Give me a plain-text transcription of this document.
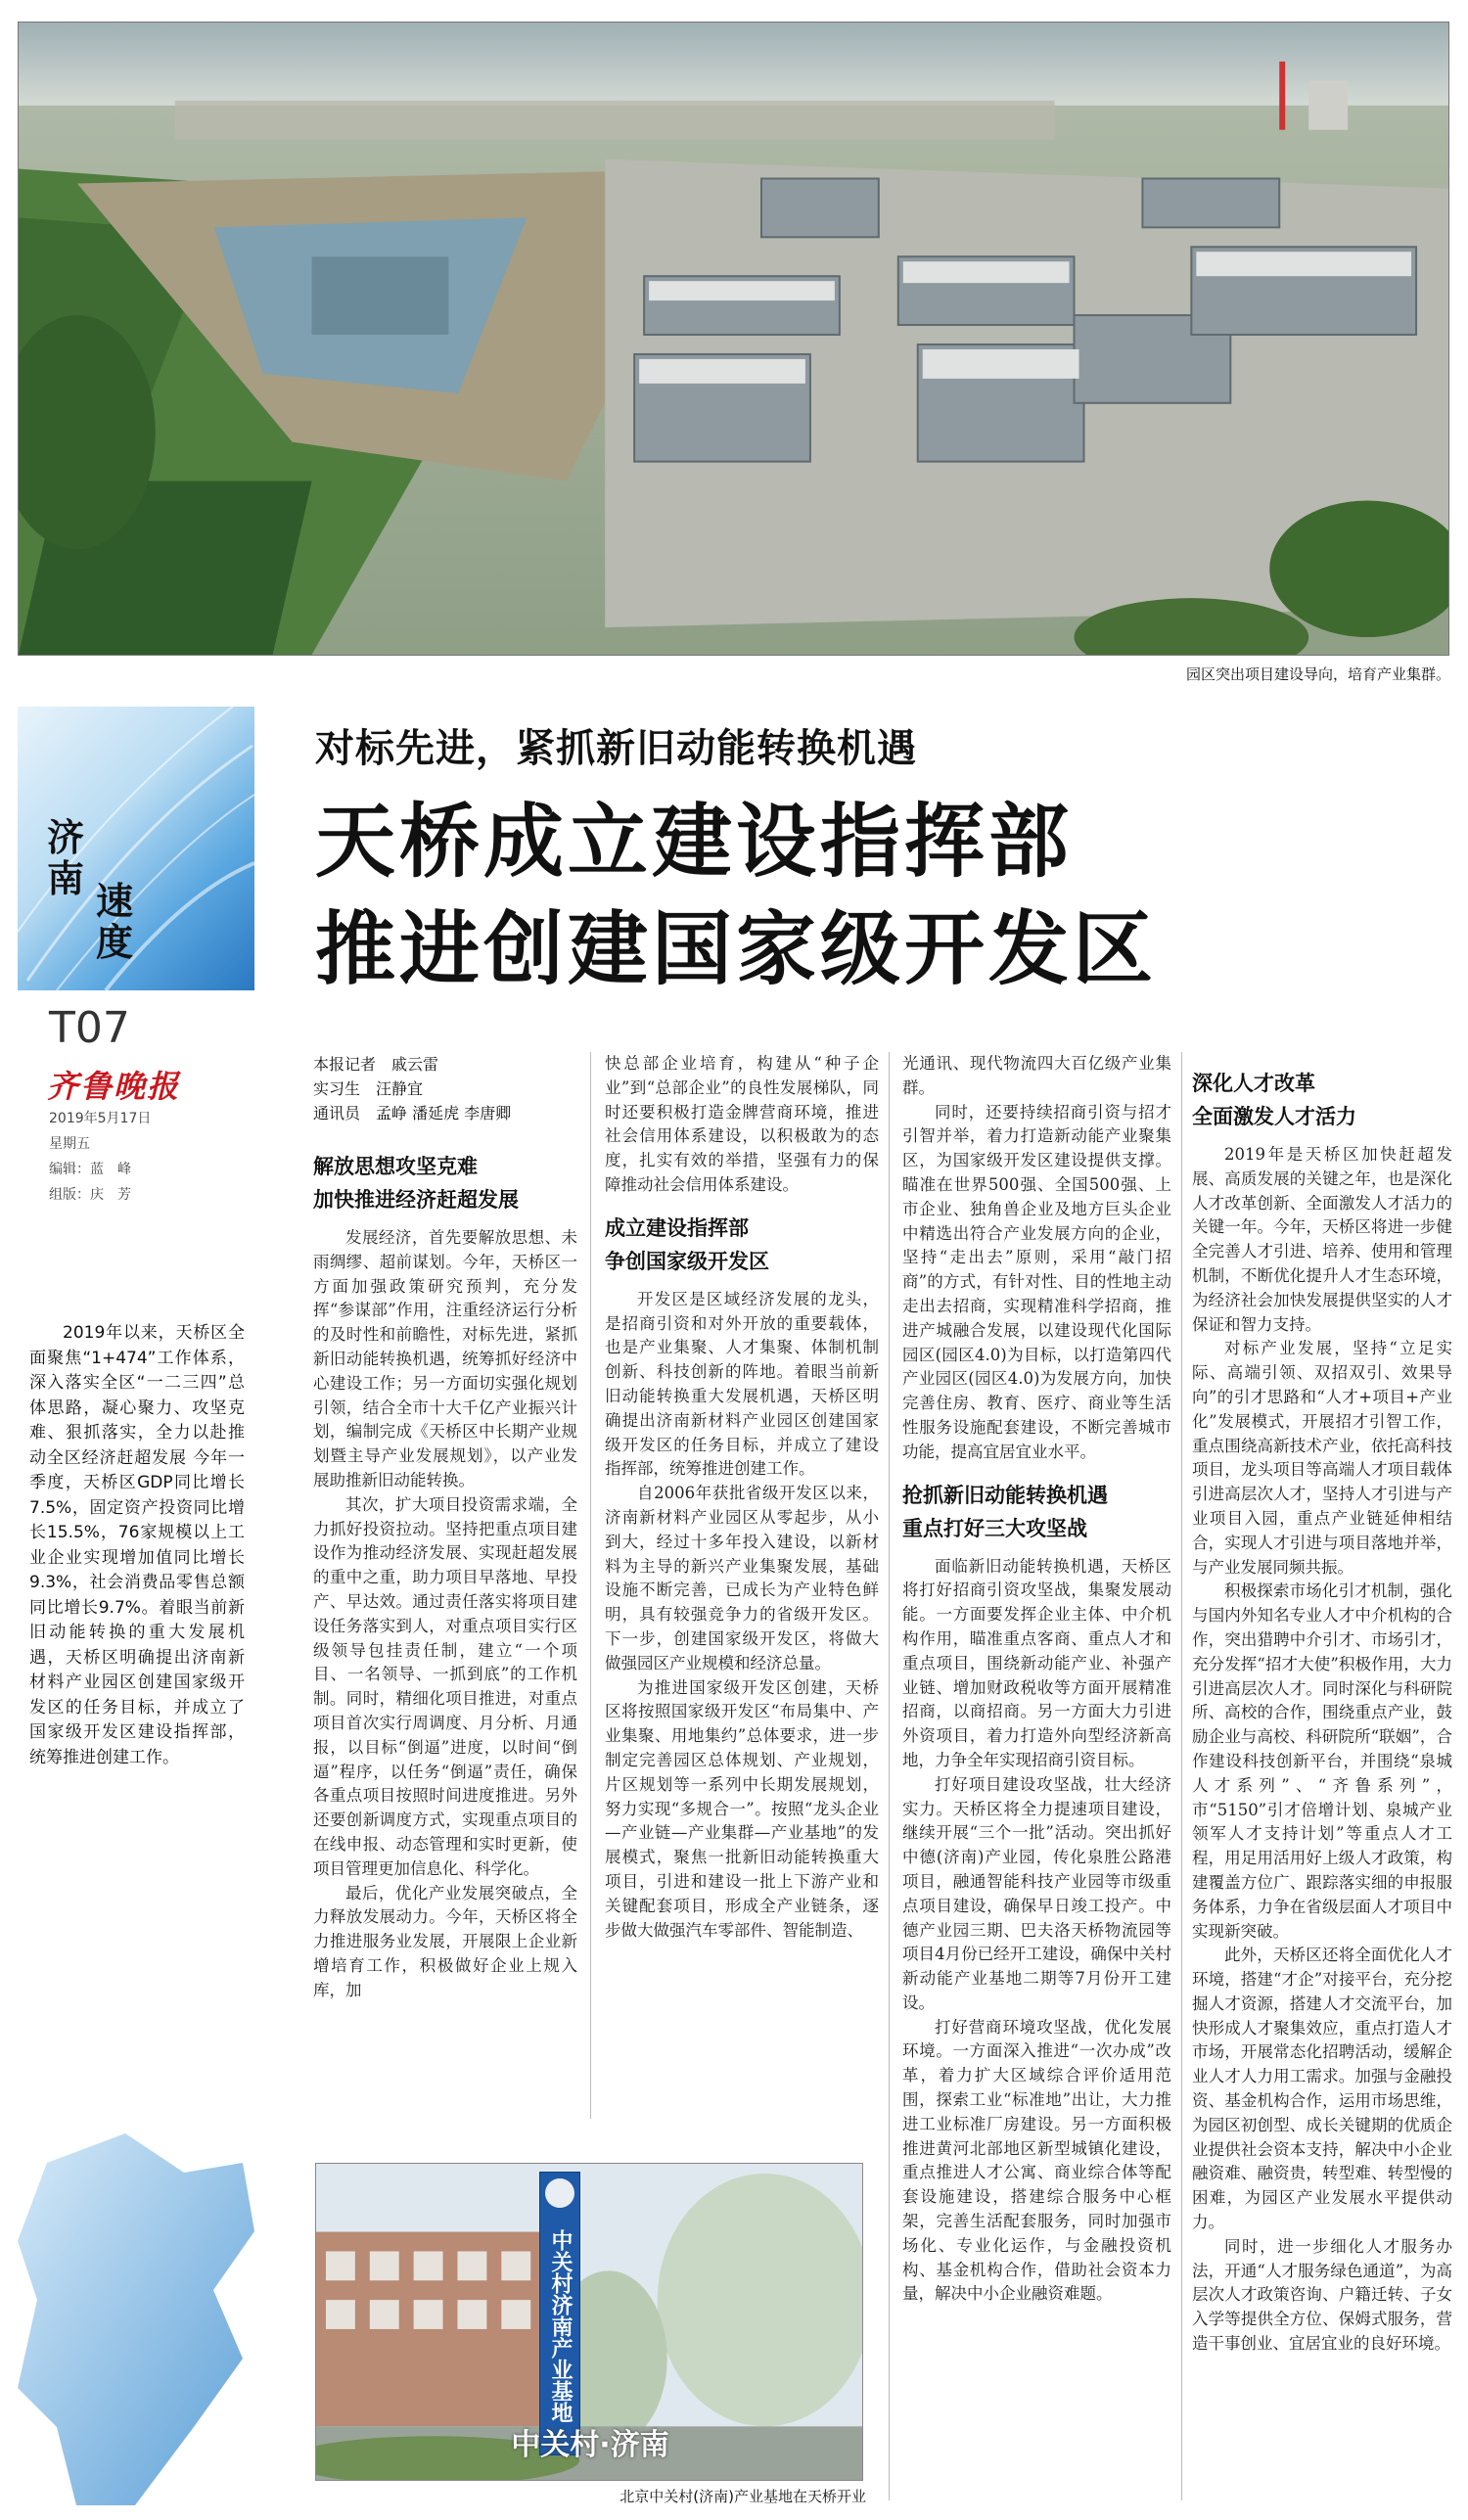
园区突出项目建设导向，培育产业集群。
济
南
速
度
T07
齐鲁晚报
2019年5月17日
星期五
编辑：蓝　峰
组版：庆　芳
2019年以来，天桥区全面聚焦“1+474”工作体系，深入落实全区“一二三四”总体思路，凝心聚力、攻坚克难、狠抓落实，全力以赴推动全区经济赶超发展 今年一季度，天桥区GDP同比增长7.5%，固定资产投资同比增长15.5%，76家规模以上工业企业实现增加值同比增长9.3%，社会消费品零售总额同比增长9.7%。着眼当前新旧动能转换的重大发展机遇，天桥区明确提出济南新材料产业园区创建国家级开发区的任务目标，并成立了国家级开发区建设指挥部，统筹推进创建工作。
对标先进，紧抓新旧动能转换机遇
天桥成立建设指挥部
推进创建国家级开发区
本报记者　戚云雷
实习生　汪静宜
通讯员　孟峥 潘延虎 李唐卿
解放思想攻坚克难
加快推进经济赶超发展

发展经济，首先要解放思想、未雨绸缪、超前谋划。今年，天桥区一方面加强政策研究预判，充分发挥“参谋部”作用，注重经济运行分析的及时性和前瞻性，对标先进，紧抓新旧动能转换机遇，统筹抓好经济中心建设工作；另一方面切实强化规划引领，结合全市十大千亿产业振兴计划，编制完成《天桥区中长期产业规划暨主导产业发展规划》，以产业发展助推新旧动能转换。

其次，扩大项目投资需求端，全力抓好投资拉动。坚持把重点项目建设作为推动经济发展、实现赶超发展的重中之重，助力项目早落地、早投产、早达效。通过责任落实将项目建设任务落实到人，对重点项目实行区级领导包挂责任制，建立“一个项目、一名领导、一抓到底”的工作机制。同时，精细化项目推进，对重点项目首次实行周调度、月分析、月通报，以目标“倒逼”进度，以时间“倒逼”程序，以任务“倒逼”责任，确保各重点项目按照时间进度推进。另外还要创新调度方式，实现重点项目的在线申报、动态管理和实时更新，使项目管理更加信息化、科学化。

最后，优化产业发展突破点，全力释放发展动力。今年，天桥区将全力推进服务业发展，开展限上企业新增培育工作，积极做好企业上规入库，加

快总部企业培育，构建从“种子企业”到“总部企业”的良性发展梯队，同时还要积极打造金牌营商环境，推进社会信用体系建设，以积极敢为的态度，扎实有效的举措，坚强有力的保障推动社会信用体系建设。

成立建设指挥部
争创国家级开发区

开发区是区域经济发展的龙头，是招商引资和对外开放的重要载体，也是产业集聚、人才集聚、体制机制创新、科技创新的阵地。着眼当前新旧动能转换重大发展机遇，天桥区明确提出济南新材料产业园区创建国家级开发区的任务目标，并成立了建设指挥部，统筹推进创建工作。

自2006年获批省级开发区以来，济南新材料产业园区从零起步，从小到大，经过十多年投入建设，以新材料为主导的新兴产业集聚发展，基础设施不断完善，已成长为产业特色鲜明，具有较强竞争力的省级开发区。下一步，创建国家级开发区，将做大做强园区产业规模和经济总量。

为推进国家级开发区创建，天桥区将按照国家级开发区“布局集中、产业集聚、用地集约”总体要求，进一步制定完善园区总体规划、产业规划，片区规划等一系列中长期发展规划，努力实现“多规合一”。按照“龙头企业—产业链—产业集群—产业基地”的发展模式，聚焦一批新旧动能转换重大项目，引进和建设一批上下游产业和关键配套项目，形成全产业链条，逐步做大做强汽车零部件、智能制造、

光通讯、现代物流四大百亿级产业集群。

同时，还要持续招商引资与招才引智并举，着力打造新动能产业聚集区，为国家级开发区建设提供支撑。瞄准在世界500强、全国500强、上市企业、独角兽企业及地方巨头企业中精选出符合产业发展方向的企业，坚持“走出去”原则，采用“敲门招商”的方式，有针对性、目的性地主动走出去招商，实现精准科学招商，推进产城融合发展，以建设现代化国际园区(园区4.0)为目标，以打造第四代产业园区(园区4.0)为发展方向，加快完善住房、教育、医疗、商业等生活性服务设施配套建设，不断完善城市功能，提高宜居宜业水平。

抢抓新旧动能转换机遇
重点打好三大攻坚战

面临新旧动能转换机遇，天桥区将打好招商引资攻坚战，集聚发展动能。一方面要发挥企业主体、中介机构作用，瞄准重点客商、重点人才和重点项目，围绕新动能产业、补强产业链、增加财政税收等方面开展精准招商，以商招商。另一方面大力引进外资项目，着力打造外向型经济新高地，力争全年实现招商引资目标。

打好项目建设攻坚战，壮大经济实力。天桥区将全力提速项目建设，继续开展“三个一批”活动。突出抓好中德(济南)产业园，传化泉胜公路港项目，融通智能科技产业园等市级重点项目建设，确保早日竣工投产。中德产业园三期、巴夫洛天桥物流园等项目4月份已经开工建设，确保中关村新动能产业基地二期等7月份开工建设。

打好营商环境攻坚战，优化发展环境。一方面深入推进“一次办成”改革，着力扩大区域综合评价适用范围，探索工业“标准地”出让，大力推进工业标准厂房建设。另一方面积极推进黄河北部地区新型城镇化建设，重点推进人才公寓、商业综合体等配套设施建设，搭建综合服务中心框架，完善生活配套服务，同时加强市场化、专业化运作，与金融投资机构、基金机构合作，借助社会资本力量，解决中小企业融资难题。

深化人才改革
全面激发人才活力

2019年是天桥区加快赶超发展、高质发展的关键之年，也是深化人才改革创新、全面激发人才活力的关键一年。今年，天桥区将进一步健全完善人才引进、培养、使用和管理机制，不断优化提升人才生态环境，为经济社会加快发展提供坚实的人才保证和智力支持。

对标产业发展，坚持“立足实际、高端引领、双招双引、效果导向”的引才思路和“人才+项目+产业化”发展模式，开展招才引智工作，重点围绕高新技术产业，依托高科技项目，龙头项目等高端人才项目载体引进高层次人才，坚持人才引进与产业项目入园，重点产业链延伸相结合，实现人才引进与项目落地并举，与产业发展同频共振。

积极探索市场化引才机制，强化与国内外知名专业人才中介机构的合作，突出猎聘中介引才、市场引才，充分发挥“招才大使”积极作用，大力引进高层次人才。同时深化与科研院所、高校的合作，围绕重点产业，鼓励企业与高校、科研院所“联姻”，合作建设科技创新平台，并围绕“泉城人才系列”、“齐鲁系列”，市“5150”引才倍增计划、泉城产业领军人才支持计划”等重点人才工程，用足用活用好上级人才政策，构建覆盖方位广、跟踪落实细的申报服务体系，力争在省级层面人才项目中实现新突破。

此外，天桥区还将全面优化人才环境，搭建“才企”对接平台，充分挖掘人才资源，搭建人才交流平台，加快形成人才聚集效应，重点打造人才市场，开展常态化招聘活动，缓解企业人才人力用工需求。加强与金融投资、基金机构合作，运用市场思维，为园区初创型、成长关键期的优质企业提供社会资本支持，解决中小企业融资难、融资贵，转型难、转型慢的困难，为园区产业发展水平提供动力。

同时，进一步细化人才服务办法，开通“人才服务绿色通道”，为高层次人才政策咨询、户籍迁转、子女入学等提供全方位、保姆式服务，营造干事创业、宜居宜业的良好环境。

中关村济南产业基地
中关村·济南
北京中关村(济南)产业基地在天桥开业
